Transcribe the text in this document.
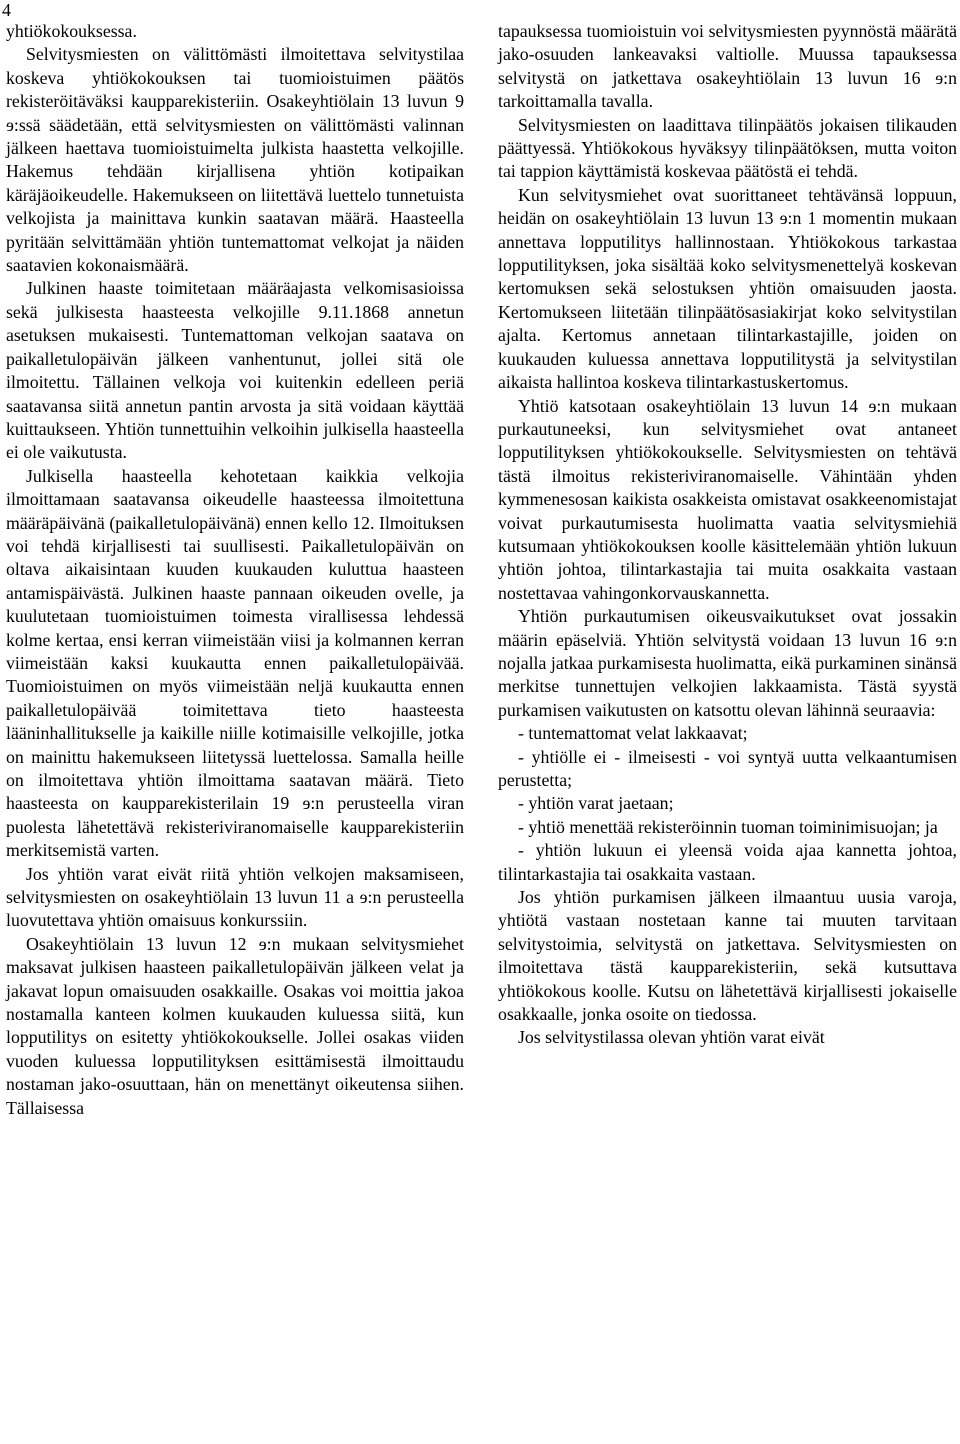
4

yhtiökokouksessa.

Selvitysmiesten on välittömästi ilmoitettava selvitystilaa koskeva yhtiökokouksen tai tuomioistuimen päätös rekisteröitäväksi kaupparekisteriin. Osakeyhtiölain 13 luvun 9 ɘ:ssä säädetään, että selvitysmiesten on välittömästi valinnan jälkeen haettava tuomioistuimelta julkista haastetta velkojille. Hakemus tehdään kirjallisena yhtiön kotipaikan käräjäoikeudelle. Hakemukseen on liitettävä luettelo tunnetuista velkojista ja mainittava kunkin saatavan määrä. Haasteella pyritään selvittämään yhtiön tuntemattomat velkojat ja näiden saatavien kokonaismäärä.

Julkinen haaste toimitetaan määräajasta velkomisasioissa sekä julkisesta haasteesta velkojille 9.11.1868 annetun asetuksen mukaisesti. Tuntemattoman velkojan saatava on paikalletulopäivän jälkeen vanhentunut, jollei sitä ole ilmoitettu. Tällainen velkoja voi kuitenkin edelleen periä saatavansa siitä annetun pantin arvosta ja sitä voidaan käyttää kuittaukseen. Yhtiön tunnettuihin velkoihin julkisella haasteella ei ole vaikutusta.

Julkisella haasteella kehotetaan kaikkia velkojia ilmoittamaan saatavansa oikeudelle haasteessa ilmoitettuna määräpäivänä (paikalletulopäivänä) ennen kello 12. Ilmoituksen voi tehdä kirjallisesti tai suullisesti. Paikalletulopäivän on oltava aikaisintaan kuuden kuukauden kuluttua haasteen antamispäivästä. Julkinen haaste pannaan oikeuden ovelle, ja kuulutetaan tuomioistuimen toimesta virallisessa lehdessä kolme kertaa, ensi kerran viimeistään viisi ja kolmannen kerran viimeistään kaksi kuukautta ennen paikalletulopäivää. Tuomioistuimen on myös viimeistään neljä kuukautta ennen paikalletulopäivää toimitettava tieto haasteesta lääninhallitukselle ja kaikille niille kotimaisille velkojille, jotka on mainittu hakemukseen liitetyssä luettelossa. Samalla heille on ilmoitettava yhtiön ilmoittama saatavan määrä. Tieto haasteesta on kaupparekisterilain 19 ɘ:n perusteella viran puolesta lähetettävä rekisteriviranomaiselle kaupparekisteriin merkitsemistä varten.

Jos yhtiön varat eivät riitä yhtiön velkojen maksamiseen, selvitysmiesten on osakeyhtiölain 13 luvun 11 a ɘ:n perusteella luovutettava yhtiön omaisuus konkurssiin.

Osakeyhtiölain 13 luvun 12 ɘ:n mukaan selvitysmiehet maksavat julkisen haasteen paikalletulopäivän jälkeen velat ja jakavat lopun omaisuuden osakkaille. Osakas voi moittia jakoa nostamalla kanteen kolmen kuukauden kuluessa siitä, kun lopputilitys on esitetty yhtiökokoukselle. Jollei osakas viiden vuoden kuluessa lopputilityksen esittämisestä ilmoittaudu nostaman jako-osuuttaan, hän on menettänyt oikeutensa siihen. Tällaisessa

tapauksessa tuomioistuin voi selvitysmiesten pyynnöstä määrätä jako-osuuden lankeavaksi valtiolle. Muussa tapauksessa selvitystä on jatkettava osakeyhtiölain 13 luvun 16 ɘ:n tarkoittamalla tavalla.

Selvitysmiesten on laadittava tilinpäätös jokaisen tilikauden päättyessä. Yhtiökokous hyväksyy tilinpäätöksen, mutta voiton tai tappion käyttämistä koskevaa päätöstä ei tehdä.

Kun selvitysmiehet ovat suorittaneet tehtävänsä loppuun, heidän on osakeyhtiölain 13 luvun 13 ɘ:n 1 momentin mukaan annettava lopputilitys hallinnostaan. Yhtiökokous tarkastaa lopputilityksen, joka sisältää koko selvitysmenettelyä koskevan kertomuksen sekä selostuksen yhtiön omaisuuden jaosta. Kertomukseen liitetään tilinpäätösasiakirjat koko selvitystilan ajalta. Kertomus annetaan tilintarkastajille, joiden on kuukauden kuluessa annettava lopputilitystä ja selvitystilan aikaista hallintoa koskeva tilintarkastuskertomus.

Yhtiö katsotaan osakeyhtiölain 13 luvun 14 ɘ:n mukaan purkautuneeksi, kun selvitysmiehet ovat antaneet lopputilityksen yhtiökokoukselle. Selvitysmiesten on tehtävä tästä ilmoitus rekisteriviranomaiselle. Vähintään yhden kymmenesosan kaikista osakkeista omistavat osakkeenomistajat voivat purkautumisesta huolimatta vaatia selvitysmiehiä kutsumaan yhtiökokouksen koolle käsittelemään yhtiön lukuun yhtiön johtoa, tilintarkastajia tai muita osakkaita vastaan nostettavaa vahingonkorvauskannetta.

Yhtiön purkautumisen oikeusvaikutukset ovat jossakin määrin epäselviä. Yhtiön selvitystä voidaan 13 luvun 16 ɘ:n nojalla jatkaa purkamisesta huolimatta, eikä purkaminen sinänsä merkitse tunnettujen velkojien lakkaamista. Tästä syystä purkamisen vaikutusten on katsottu olevan lähinnä seuraavia:

- tuntemattomat velat lakkaavat;

- yhtiölle ei - ilmeisesti - voi syntyä uutta velkaantumisen perustetta;

- yhtiön varat jaetaan;

- yhtiö menettää rekisteröinnin tuoman toiminimisuojan; ja

- yhtiön lukuun ei yleensä voida ajaa kannetta johtoa, tilintarkastajia tai osakkaita vastaan.

Jos yhtiön purkamisen jälkeen ilmaantuu uusia varoja, yhtiötä vastaan nostetaan kanne tai muuten tarvitaan selvitystoimia, selvitystä on jatkettava. Selvitysmiesten on ilmoitettava tästä kaupparekisteriin, sekä kutsuttava yhtiökokous koolle. Kutsu on lähetettävä kirjallisesti jokaiselle osakkaalle, jonka osoite on tiedossa.

Jos selvitystilassa olevan yhtiön varat eivät
